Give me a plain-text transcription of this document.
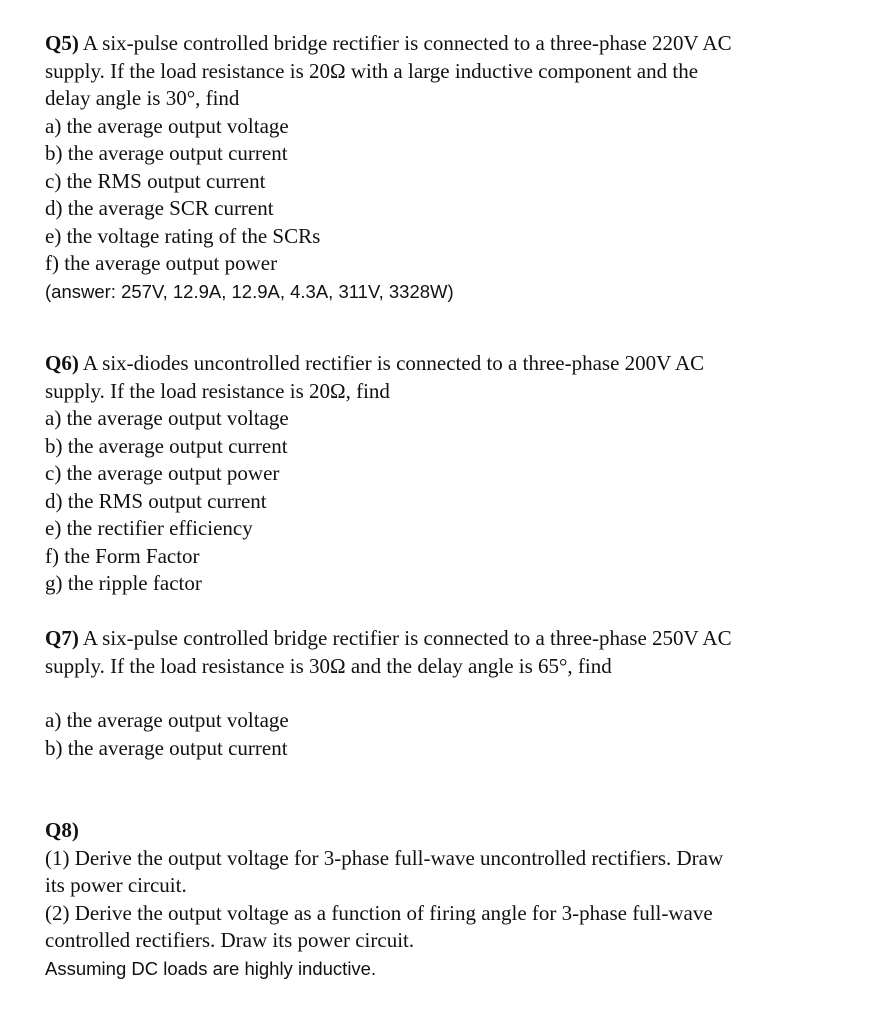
Q5) A six-pulse controlled bridge rectifier is connected to a three-phase 220V AC

supply. If the load resistance is 20Ω with a large inductive component and the

delay angle is 30°, find

a) the average output voltage
b) the average output current
c) the RMS output current
d) the average SCR current
e) the voltage rating of the SCRs
f) the average output power
(answer: 257V, 12.9A, 12.9A, 4.3A, 311V, 3328W)

Q6) A six-diodes uncontrolled rectifier is connected to a three-phase 200V AC

supply. If the load resistance is 20Ω, find

a) the average output voltage
b) the average output current
c) the average output power
d) the RMS output current
e) the rectifier efficiency
f) the Form Factor
g) the ripple factor

Q7) A six-pulse controlled bridge rectifier is connected to a three-phase 250V AC

supply. If the load resistance is 30Ω and the delay angle is 65°, find

a) the average output voltage
b) the average output current

Q8)

(1) Derive the output voltage for 3-phase full-wave uncontrolled rectifiers. Draw

its power circuit.

(2) Derive the output voltage as a function of firing angle for 3-phase full-wave

controlled rectifiers. Draw its power circuit.

Assuming DC loads are highly inductive.
